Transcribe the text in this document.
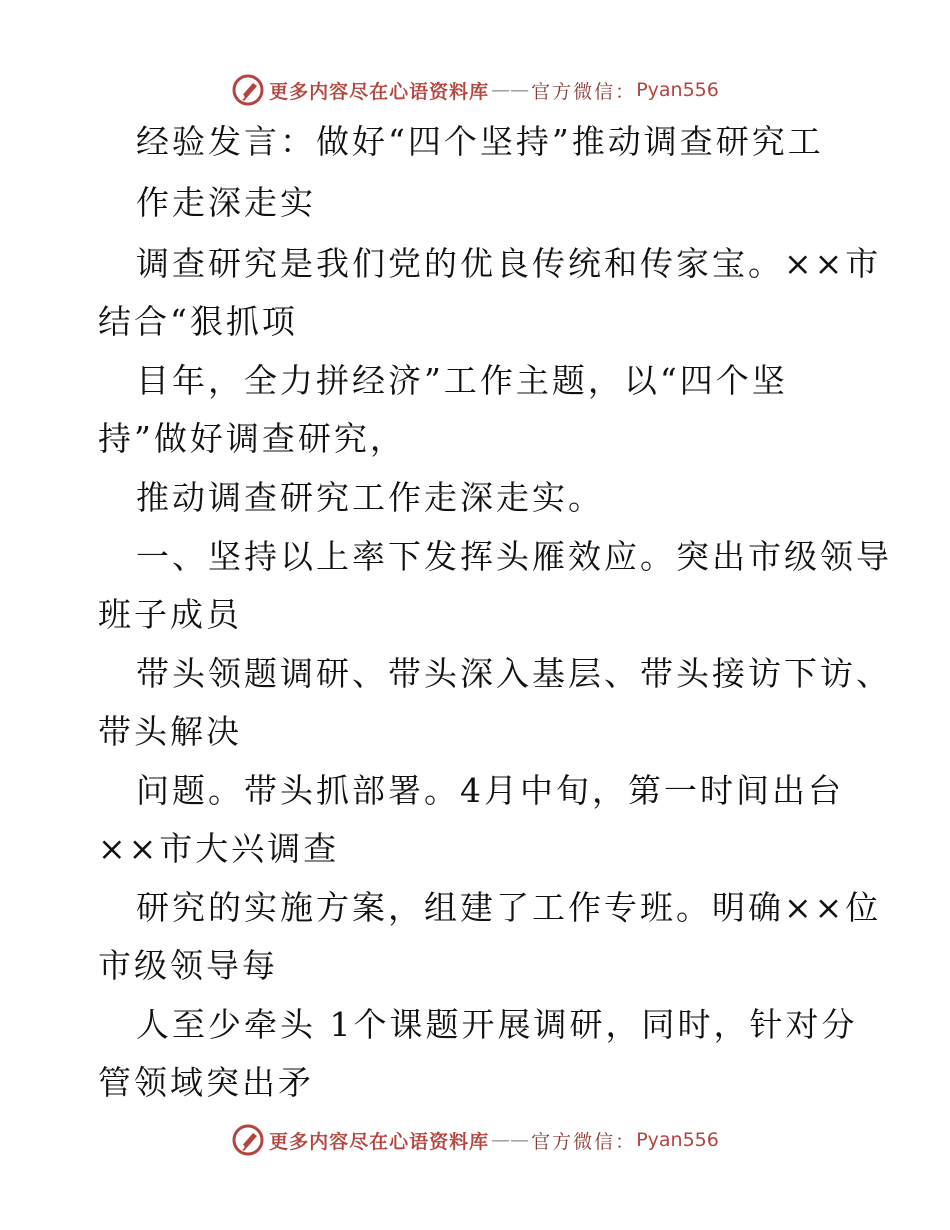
更多内容尽在心语资料库 —— 官方微信： Pyan556
经验发言：做好“四个坚持”推动调查研究工
作走深走实
调查研究是我们党的优良传统和传家宝。××市
结合“狠抓项
目年，全力拼经济”工作主题，以“四个坚
持”做好调查研究，
推动调查研究工作走深走实。
一、坚持以上率下发挥头雁效应。突出市级领导
班子成员
带头领题调研、带头深入基层、带头接访下访、
带头解决
问题。带头抓部署。4月中旬，第一时间出台
××市大兴调查
研究的实施方案，组建了工作专班。明确××位
市级领导每
人至少牵头 1个课题开展调研，同时，针对分
管领域突出矛
更多内容尽在心语资料库 —— 官方微信： Pyan556
